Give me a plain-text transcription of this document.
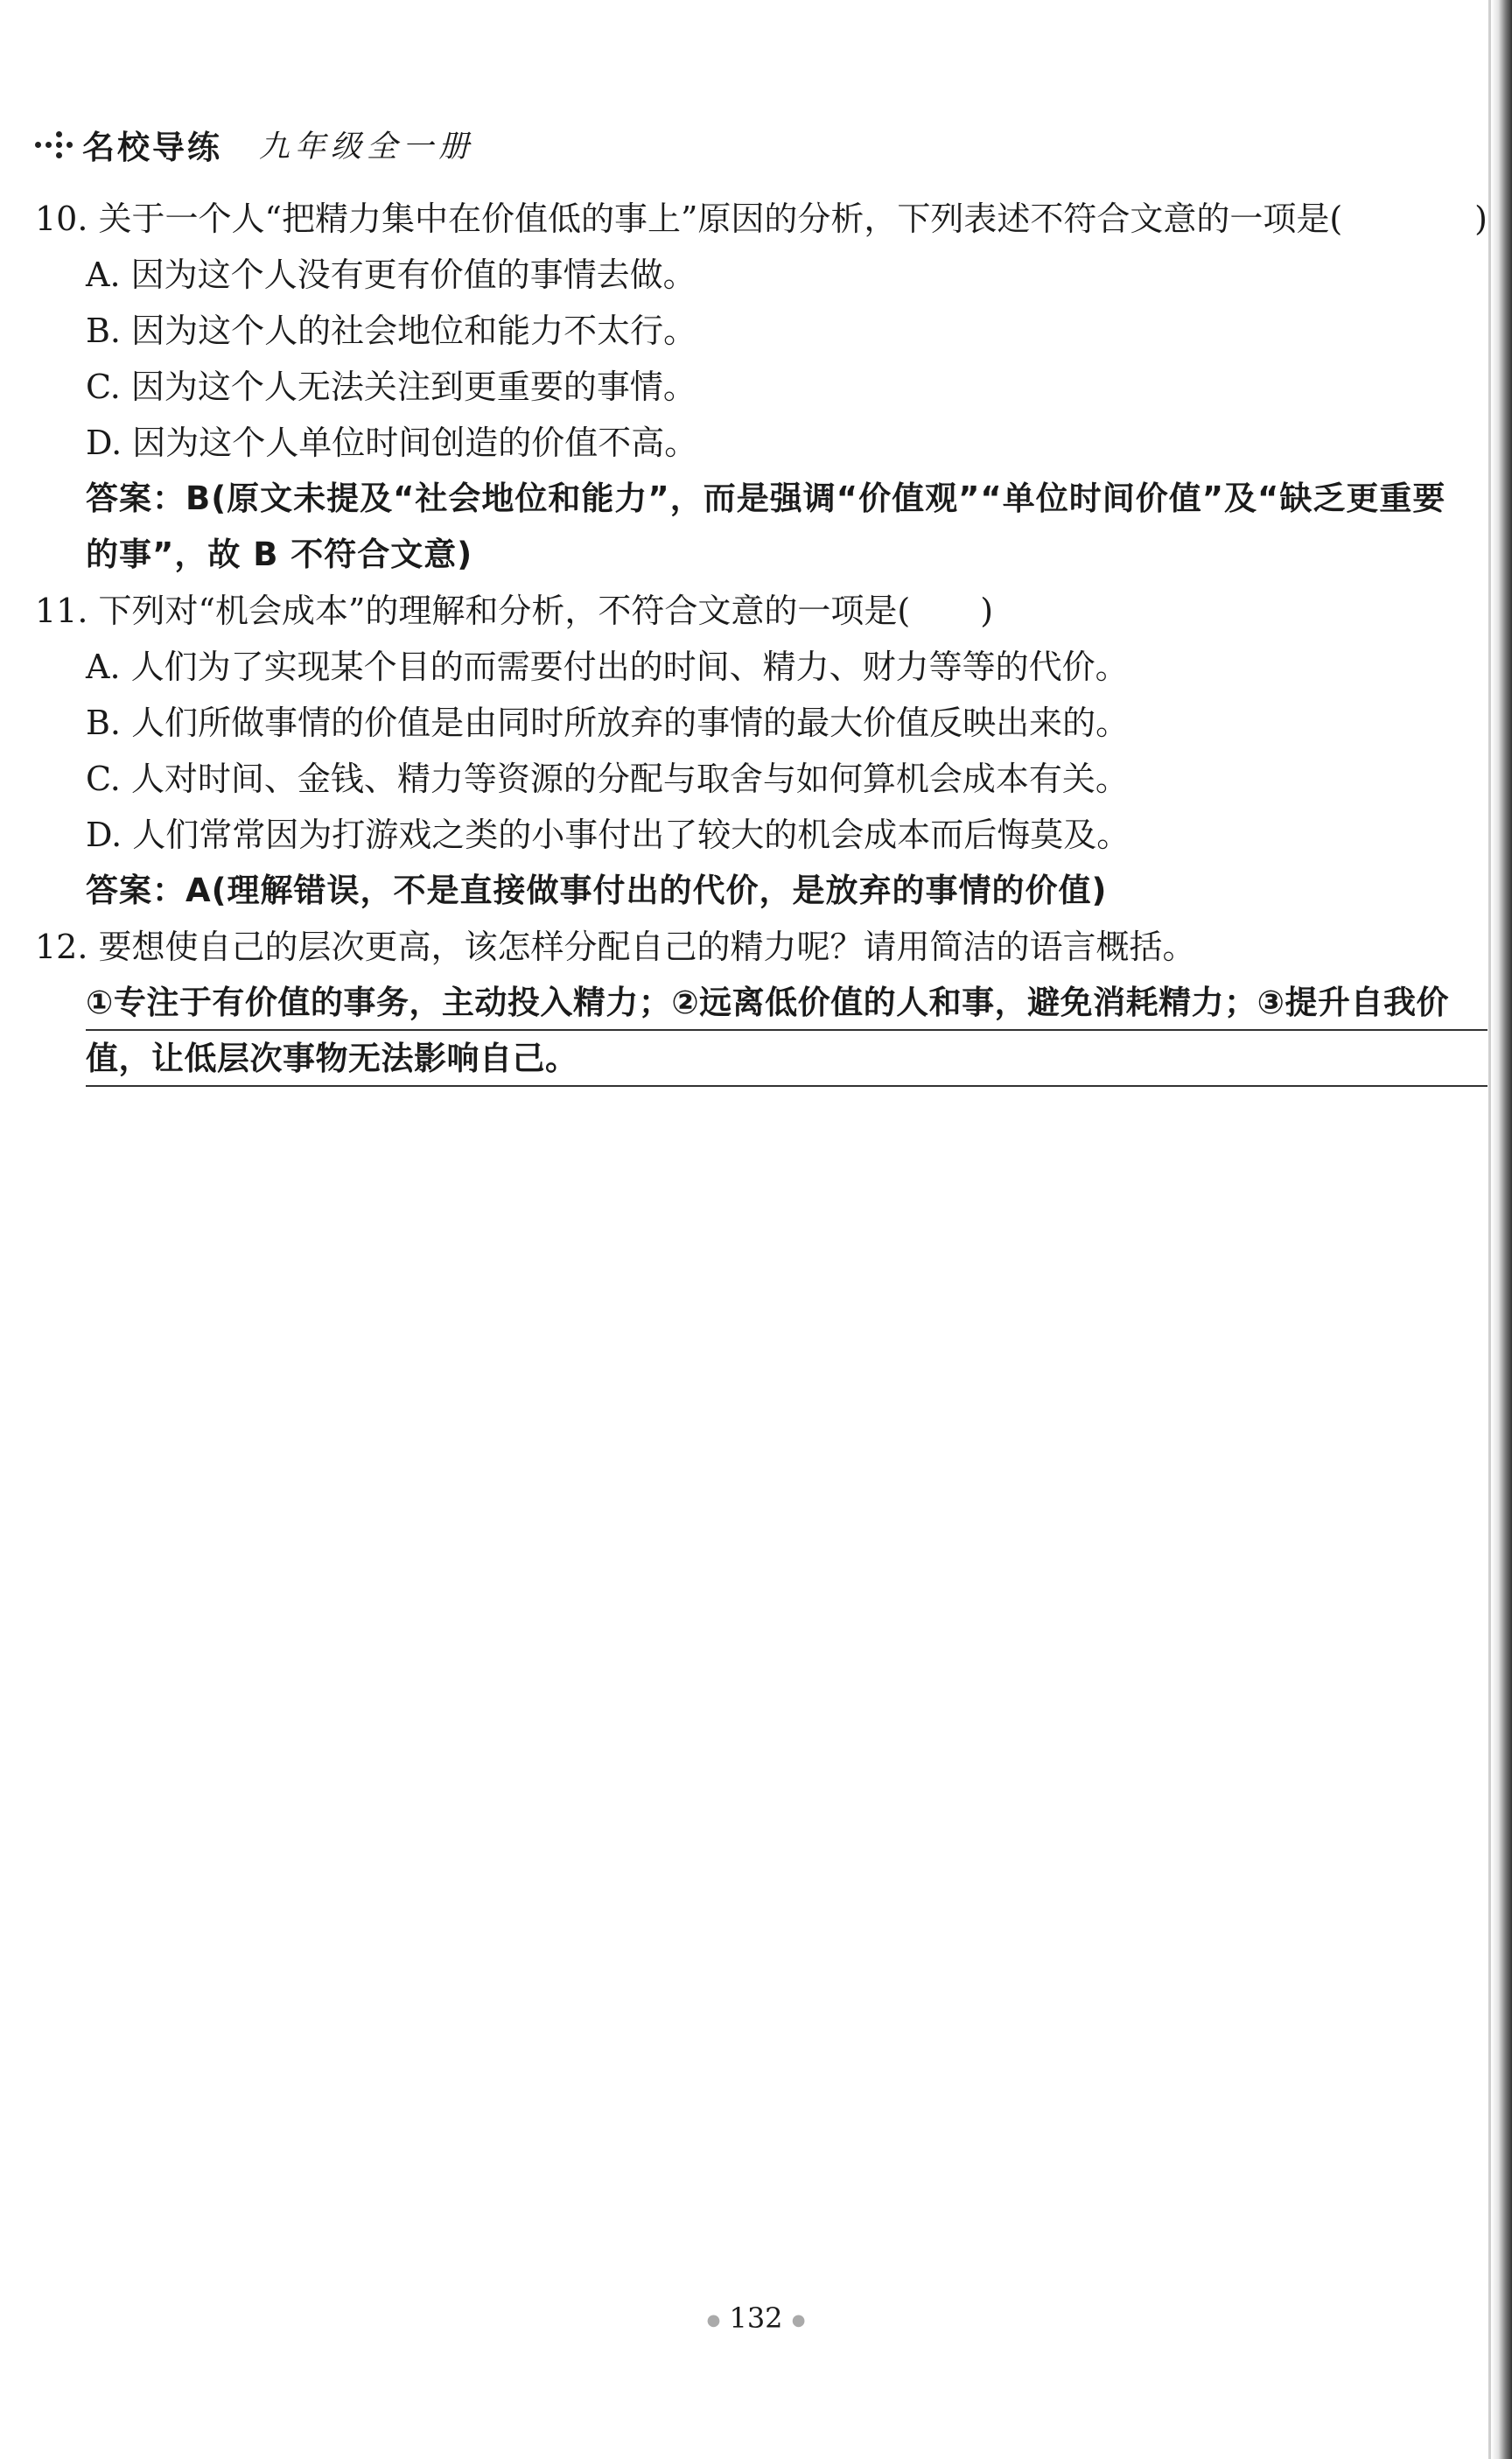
名校导练 九年级全一册
10. 关于一个人“把精力集中在价值低的事上”原因的分析，下列表述不符合文意的一项是(	)
A. 因为这个人没有更有价值的事情去做。
B. 因为这个人的社会地位和能力不太行。
C. 因为这个人无法关注到更重要的事情。
D. 因为这个人单位时间创造的价值不高。
答案：B(原文未提及“社会地位和能力”，而是强调“价值观”“单位时间价值”及“缺乏更重要
的事”，故 B 不符合文意)
11. 下列对“机会成本”的理解和分析，不符合文意的一项是( )
A. 人们为了实现某个目的而需要付出的时间、精力、财力等等的代价。
B. 人们所做事情的价值是由同时所放弃的事情的最大价值反映出来的。
C. 人对时间、金钱、精力等资源的分配与取舍与如何算机会成本有关。
D. 人们常常因为打游戏之类的小事付出了较大的机会成本而后悔莫及。
答案：A(理解错误，不是直接做事付出的代价，是放弃的事情的价值)
12. 要想使自己的层次更高，该怎样分配自己的精力呢？请用简洁的语言概括。
①专注于有价值的事务，主动投入精力；②远离低价值的人和事，避免消耗精力；③提升自我价
值，让低层次事物无法影响自己。
● 132 ●
